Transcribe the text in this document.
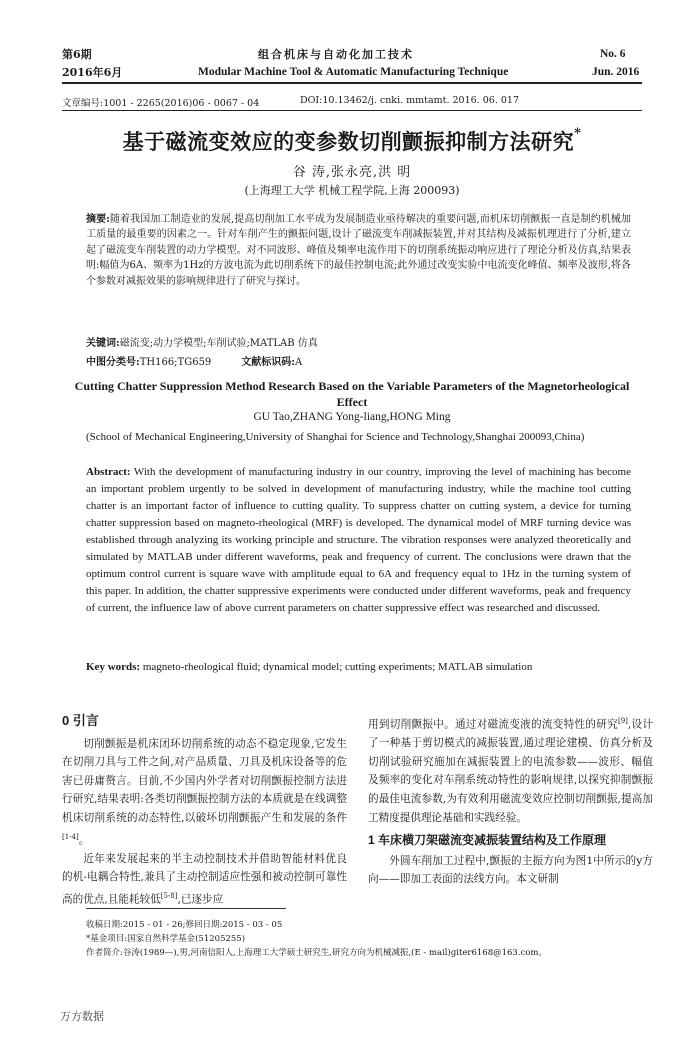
第6期
2016年6月
组合机床与自动化加工技术
Modular Machine Tool & Automatic Manufacturing Technique
No. 6
Jun. 2016
文章编号:1001 - 2265(2016)06 - 0067 - 04	DOI:10.13462/j. cnki. mmtamt. 2016. 06. 017
基于磁流变效应的变参数切削颤振抑制方法研究*
谷 涛,张永亮,洪 明
(上海理工大学 机械工程学院,上海 200093)
摘要:随着我国加工制造业的发展,提高切削加工水平成为发展制造业亟待解决的重要问题,而机床切削颤振一直是制约机械加工质量的最重要的因素之一。针对车削产生的颤振问题,设计了磁流变车削减振装置,并对其结构及减振机理进行了分析,建立起了磁流变车削装置的动力学模型。对不同波形、峰值及频率电流作用下的切削系统振动响应进行了理论分析及仿真,结果表明:幅值为6A、频率为1Hz的方波电流为此切削系统下的最佳控制电流;此外通过改变实验中电流变化峰值、频率及波形,将各个参数对减振效果的影响规律进行了研究与探讨。
关键词:磁流变;动力学模型;车削试验;MATLAB 仿真
中图分类号:TH166;TG659	文献标识码:A
Cutting Chatter Suppression Method Research Based on the Variable Parameters of the Magnetorheological Effect
GU Tao,ZHANG Yong-liang,HONG Ming
(School of Mechanical Engineering,University of Shanghai for Science and Technology,Shanghai 200093,China)
Abstract: With the development of manufacturing industry in our country, improving the level of machining has become an important problem urgently to be solved in development of manufacturing industry, while the machine tool cutting chatter is an important factor of influence to cutting quality. To suppress chatter on cutting system, a device for turning chatter suppression based on magneto-rheological (MRF) is developed. The dynamical model of MRF turning device was established through analyzing its working principle and structure. The vibration responses were analyzed theoretically and simulated by MATLAB under different waveforms, peak and frequency of current. The conclusions were drawn that the optimum control current is square wave with amplitude equal to 6A and frequency equal to 1Hz in the turning system of this paper. In addition, the chatter suppressive experiments were conducted under different waveforms, peak and frequency of current, the influence law of above current parameters on chatter suppressive effect was researched and discussed.
Key words: magneto-rheological fluid; dynamical model; cutting experiments; MATLAB simulation
0 引言

切削颤振是机床闭环切削系统的动态不稳定现象,它发生在切削刀具与工件之间,对产品质量、刀具及机床设备等的危害已毋庸赘言。目前,不少国内外学者对切削颤振控制方法进行研究,结果表明:各类切削颤振控制方法的本质就是在线调整机床切削系统的动态特性,以破坏切削颤振产生和发展的条件[1-4]。

近年来发展起来的半主动控制技术并借助智能材料优良的机-电耦合特性,兼具了主动控制适应性强和被动控制可靠性高的优点,且能耗较低[5-8],已逐步应

用到切削颤振中。通过对磁流变液的流变特性的研究[9],设计了一种基于剪切模式的减振装置,通过理论建模、仿真分析及切削试验研究施加在减振装置上的电流参数——波形、幅值及频率的变化对车削系统动特性的影响规律,以探究抑制颤振的最佳电流参数,为有效利用磁流变效应控制切削颤振,提高加工精度提供理论基础和实践经验。

1 车床横刀架磁流变减振装置结构及工作原理

外圆车削加工过程中,颤振的主振方向为图1中所示的y方向——即加工表面的法线方向。本文研制

收稿日期:2015 - 01 - 26;修回日期:2015 - 03 - 05
*基金项目:国家自然科学基金(51205255)
作者简介:谷涛(1989—),男,河南信阳人,上海理工大学硕士研究生,研究方向为机械减振,(E - mail)giter6168@163.com。
万方数据
